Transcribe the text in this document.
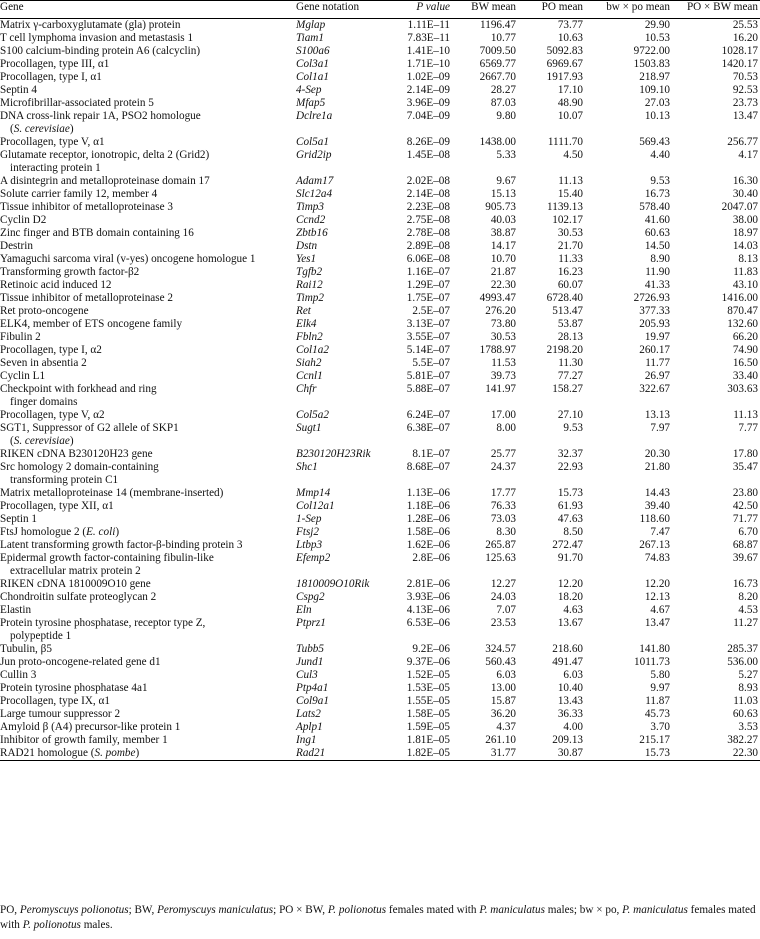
Gene	Gene notation	P value	BW mean	PO mean	bw × po mean	PO × BW mean
Matrix γ-carboxyglutamate (gla) protein	Mglap	1.11E–11	1196.47	73.77	29.90	25.53
T cell lymphoma invasion and metastasis 1	Tiam1	7.83E–11	10.77	10.63	10.53	16.20
S100 calcium-binding protein A6 (calcyclin)	S100a6	1.41E–10	7009.50	5092.83	9722.00	1028.17
Procollagen, type III, α1	Col3a1	1.71E–10	6569.77	6969.67	1503.83	1420.17
Procollagen, type I, α1	Col1a1	1.02E–09	2667.70	1917.93	218.97	70.53
Septin 4	4-Sep	2.14E–09	28.27	17.10	109.10	92.53
Microfibrillar-associated protein 5	Mfap5	3.96E–09	87.03	48.90	27.03	23.73
DNA cross-link repair 1A, PSO2 homologue
(S. cerevisiae)	Dclre1a	7.04E–09	9.80	10.07	10.13	13.47
Procollagen, type V, α1	Col5a1	8.26E–09	1438.00	1111.70	569.43	256.77
Glutamate receptor, ionotropic, delta 2 (Grid2)
interacting protein 1	Grid2ip	1.45E–08	5.33	4.50	4.40	4.17
A disintegrin and metalloproteinase domain 17	Adam17	2.02E–08	9.67	11.13	9.53	16.30
Solute carrier family 12, member 4	Slc12a4	2.14E–08	15.13	15.40	16.73	30.40
Tissue inhibitor of metalloproteinase 3	Timp3	2.23E–08	905.73	1139.13	578.40	2047.07
Cyclin D2	Ccnd2	2.75E–08	40.03	102.17	41.60	38.00
Zinc finger and BTB domain containing 16	Zbtb16	2.78E–08	38.87	30.53	60.63	18.97
Destrin	Dstn	2.89E–08	14.17	21.70	14.50	14.03
Yamaguchi sarcoma viral (v-yes) oncogene homologue 1	Yes1	6.06E–08	10.70	11.33	8.90	8.13
Transforming growth factor-β2	Tgfb2	1.16E–07	21.87	16.23	11.90	11.83
Retinoic acid induced 12	Rai12	1.29E–07	22.30	60.07	41.33	43.10
Tissue inhibitor of metalloproteinase 2	Timp2	1.75E–07	4993.47	6728.40	2726.93	1416.00
Ret proto-oncogene	Ret	2.5E–07	276.20	513.47	377.33	870.47
ELK4, member of ETS oncogene family	Elk4	3.13E–07	73.80	53.87	205.93	132.60
Fibulin 2	Fbln2	3.55E–07	30.53	28.13	19.97	66.20
Procollagen, type I, α2	Col1a2	5.14E–07	1788.97	2198.20	260.17	74.90
Seven in absentia 2	Siah2	5.5E–07	11.53	11.30	11.77	16.50
Cyclin L1	Ccnl1	5.81E–07	39.73	77.27	26.97	33.40
Checkpoint with forkhead and ring
finger domains	Chfr	5.88E–07	141.97	158.27	322.67	303.63
Procollagen, type V, α2	Col5a2	6.24E–07	17.00	27.10	13.13	11.13
SGT1, Suppressor of G2 allele of SKP1
(S. cerevisiae)	Sugt1	6.38E–07	8.00	9.53	7.97	7.77
RIKEN cDNA B230120H23 gene	B230120H23Rik	8.1E–07	25.77	32.37	20.30	17.80
Src homology 2 domain-containing
transforming protein C1	Shc1	8.68E–07	24.37	22.93	21.80	35.47
Matrix metalloproteinase 14 (membrane-inserted)	Mmp14	1.13E–06	17.77	15.73	14.43	23.80
Procollagen, type XII, α1	Col12a1	1.18E–06	76.33	61.93	39.40	42.50
Septin 1	1-Sep	1.28E–06	73.03	47.63	118.60	71.77
FtsJ homologue 2 (E. coli)	Ftsj2	1.58E–06	8.30	8.50	7.47	6.70
Latent transforming growth factor-β-binding protein 3	Ltbp3	1.62E–06	265.87	272.47	267.13	68.87
Epidermal growth factor-containing fibulin-like
extracellular matrix protein 2	Efemp2	2.8E–06	125.63	91.70	74.83	39.67
RIKEN cDNA 1810009O10 gene	1810009O10Rik	2.81E–06	12.27	12.20	12.20	16.73
Chondroitin sulfate proteoglycan 2	Cspg2	3.93E–06	24.03	18.20	12.13	8.20
Elastin	Eln	4.13E–06	7.07	4.63	4.67	4.53
Protein tyrosine phosphatase, receptor type Z,
polypeptide 1	Ptprz1	6.53E–06	23.53	13.67	13.47	11.27
Tubulin, β5	Tubb5	9.2E–06	324.57	218.60	141.80	285.37
Jun proto-oncogene-related gene d1	Jund1	9.37E–06	560.43	491.47	1011.73	536.00
Cullin 3	Cul3	1.52E–05	6.03	6.03	5.80	5.27
Protein tyrosine phosphatase 4a1	Ptp4a1	1.53E–05	13.00	10.40	9.97	8.93
Procollagen, type IX, α1	Col9a1	1.55E–05	15.87	13.43	11.87	11.03
Large tumour suppressor 2	Lats2	1.58E–05	36.20	36.33	45.73	60.63
Amyloid β (A4) precursor-like protein 1	Aplp1	1.59E–05	4.37	4.00	3.70	3.53
Inhibitor of growth family, member 1	Ing1	1.81E–05	261.10	209.13	215.17	382.27
RAD21 homologue (S. pombe)	Rad21	1.82E–05	31.77	30.87	15.73	22.30
PO, Peromyscuys polionotus; BW, Peromyscuys maniculatus; PO × BW, P. polionotus females mated with P. maniculatus males; bw × po, P. maniculatus females mated with P. polionotus males.
